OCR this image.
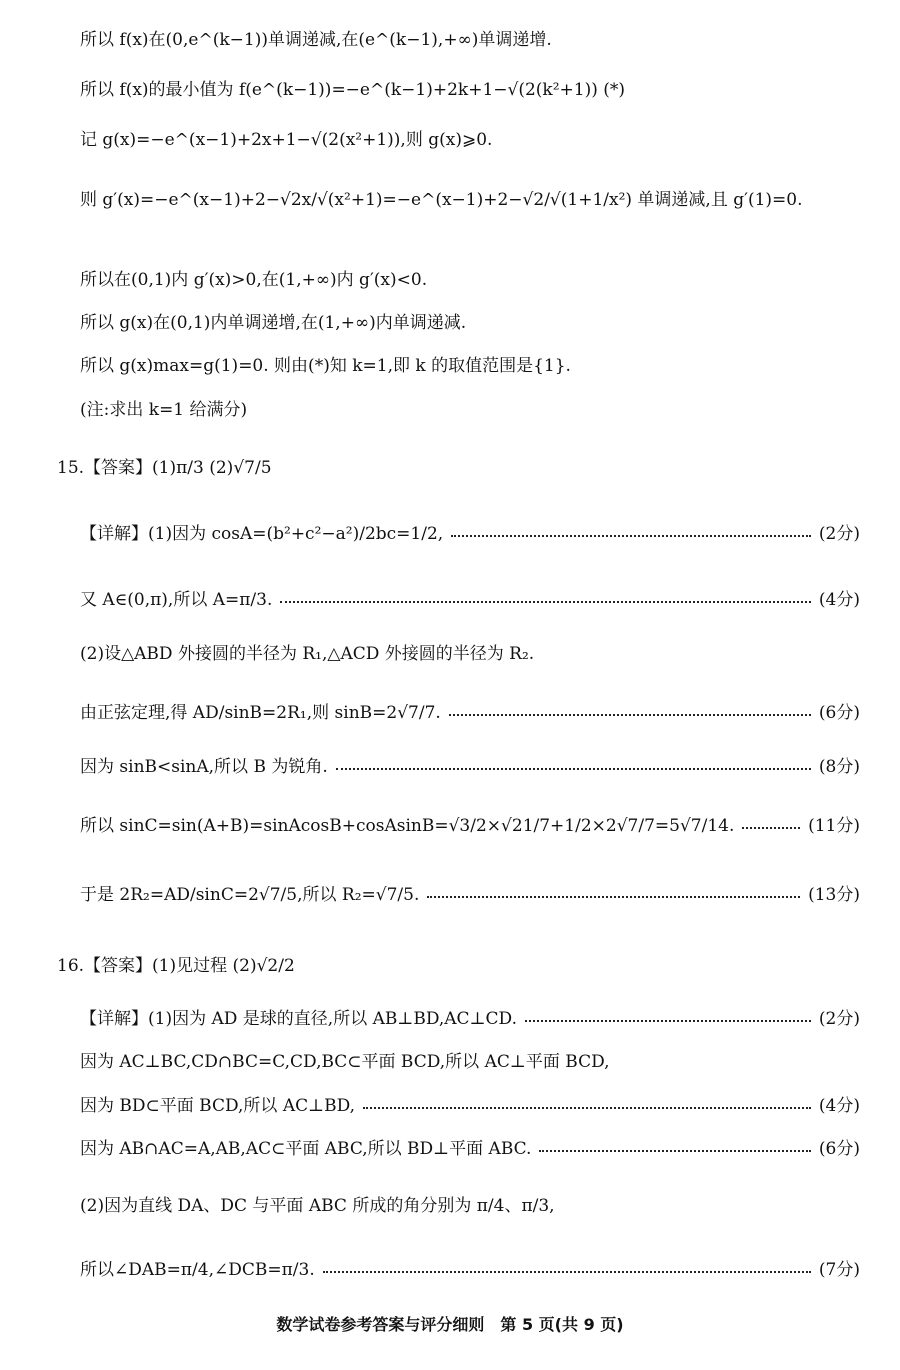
所以 f(x)在(0,e^(k−1))单调递减,在(e^(k−1),+∞)单调递增.
所以 f(x)的最小值为 f(e^(k−1))=−e^(k−1)+2k+1−√(2(k²+1)) (*)
记 g(x)=−e^(x−1)+2x+1−√(2(x²+1)),则 g(x)⩾0.
则 g′(x)=−e^(x−1)+2−√2x/√(x²+1)=−e^(x−1)+2−√2/√(1+1/x²) 单调递减,且 g′(1)=0.
所以在(0,1)内 g′(x)>0,在(1,+∞)内 g′(x)<0.
所以 g(x)在(0,1)内单调递增,在(1,+∞)内单调递减.
所以 g(x)max=g(1)=0. 则由(*)知 k=1,即 k 的取值范围是{1}.
(注:求出 k=1 给满分)
15.【答案】(1)π/3 (2)√7/5
【详解】(1)因为 cosA=(b²+c²−a²)/2bc=1/2,	(2分)
又 A∈(0,π),所以 A=π/3.	(4分)
(2)设△ABD 外接圆的半径为 R₁,△ACD 外接圆的半径为 R₂.
由正弦定理,得 AD/sinB=2R₁,则 sinB=2√7/7.	(6分)
因为 sinB<sinA,所以 B 为锐角.	(8分)
所以 sinC=sin(A+B)=sinAcosB+cosAsinB=√3/2×√21/7+1/2×2√7/7=5√7/14.	(11分)
于是 2R₂=AD/sinC=2√7/5,所以 R₂=√7/5.	(13分)
16.【答案】(1)见过程 (2)√2/2
【详解】(1)因为 AD 是球的直径,所以 AB⊥BD,AC⊥CD.	(2分)
因为 AC⊥BC,CD∩BC=C,CD,BC⊂平面 BCD,所以 AC⊥平面 BCD,
因为 BD⊂平面 BCD,所以 AC⊥BD,	(4分)
因为 AB∩AC=A,AB,AC⊂平面 ABC,所以 BD⊥平面 ABC.	(6分)
(2)因为直线 DA、DC 与平面 ABC 所成的角分别为 π/4、π/3,
所以∠DAB=π/4,∠DCB=π/3.	(7分)
数学试卷参考答案与评分细则　第 5 页(共 9 页)
